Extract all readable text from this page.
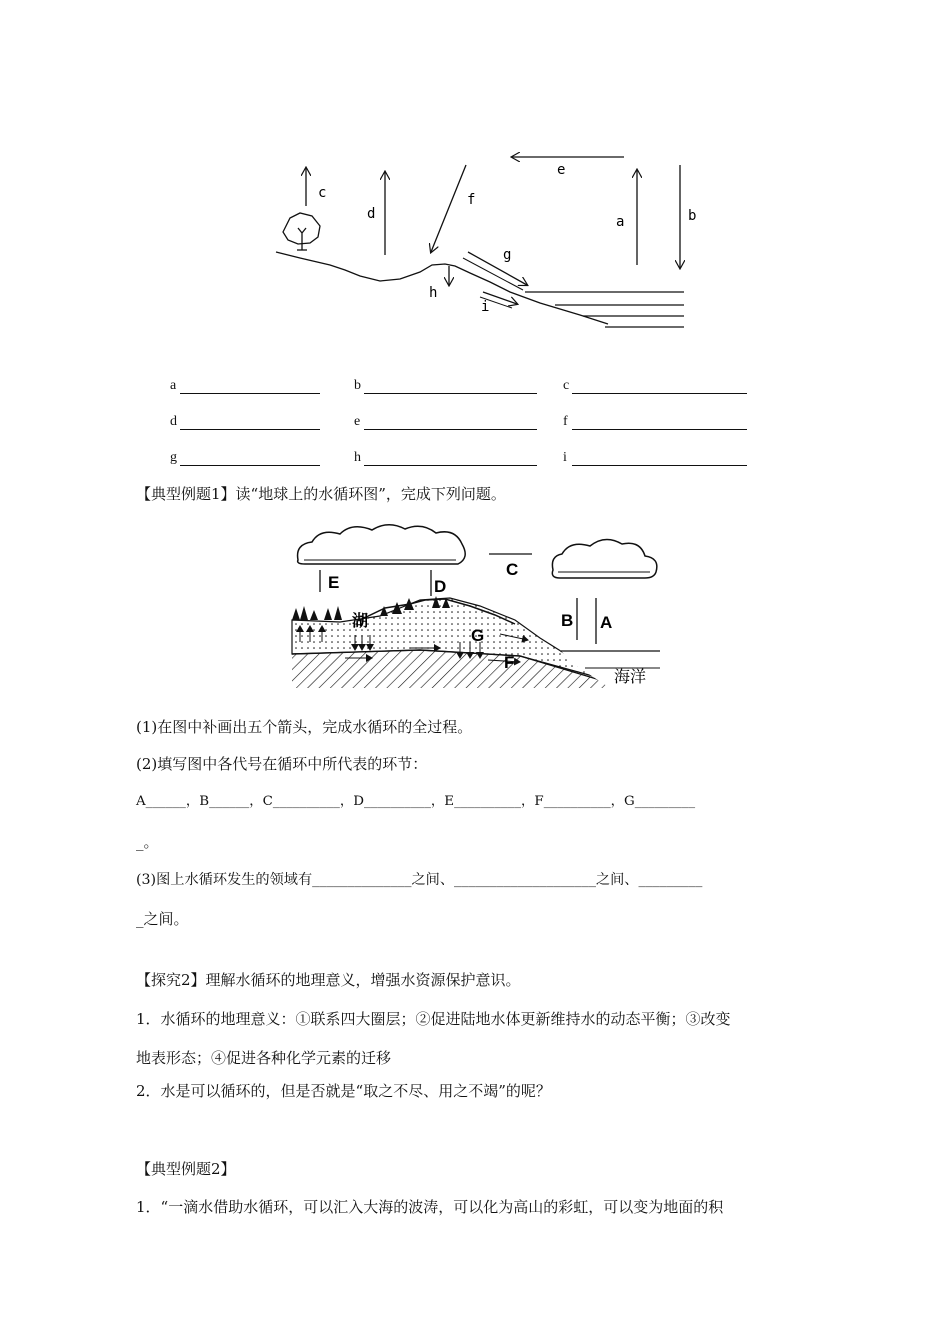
c
d
f
e
a	b
g
h
i
a	b	c
d	e	f
g	h	i
【典型例题1】读“地球上的水循环图”，完成下列问题。
E	D
C
B A
G
F
湖
海洋
(1)在图中补画出五个箭头，完成水循环的全过程。
(2)填写图中各代号在循环中所代表的环节：
A______，B______，C__________，D__________，E__________，F__________，G_________
_。
(3)图上水循环发生的领域有______________之间、____________________之间、_________
_之间。
【探究2】理解水循环的地理意义，增强水资源保护意识。
1．水循环的地理意义：①联系四大圈层；②促进陆地水体更新维持水的动态平衡；③改变
地表形态；④促进各种化学元素的迁移
2．水是可以循环的，但是否就是“取之不尽、用之不竭”的呢？
【典型例题2】
1．“一滴水借助水循环，可以汇入大海的波涛，可以化为高山的彩虹，可以变为地面的积
